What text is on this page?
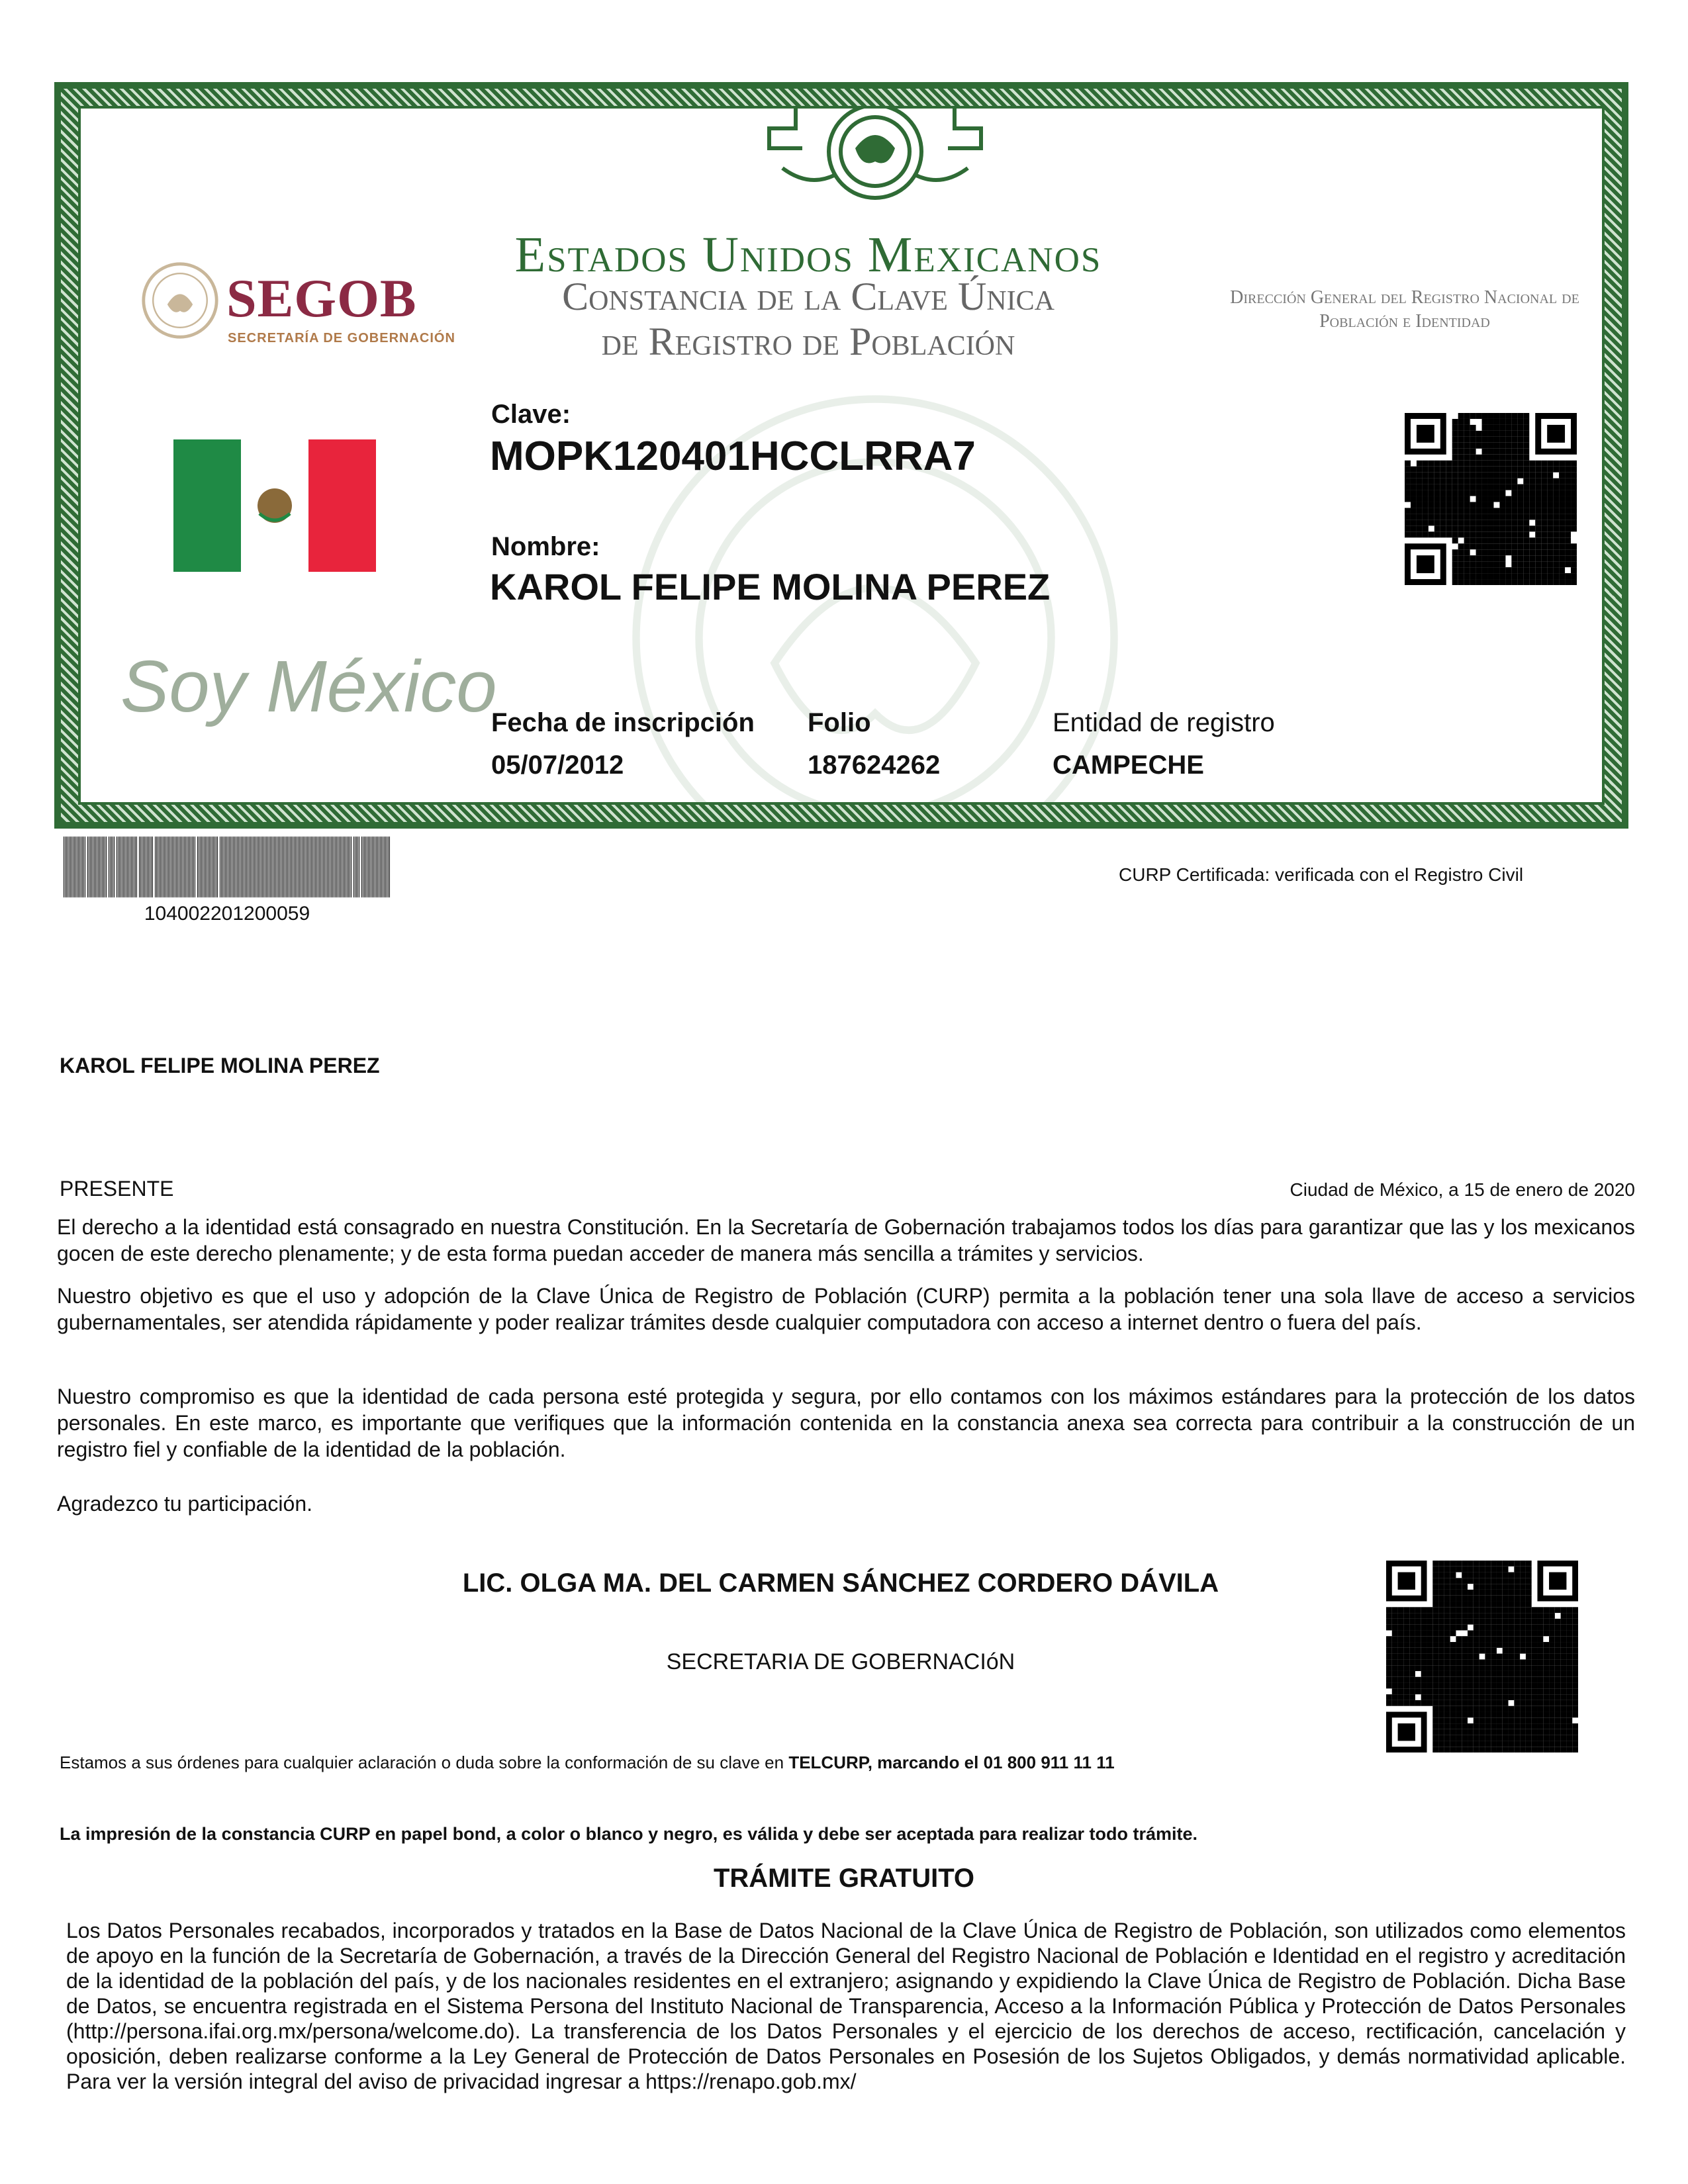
Estados Unidos Mexicanos
Constancia de la Clave Única
de Registro de Población
SEGOB
SECRETARÍA DE GOBERNACIÓN
Dirección General del Registro Nacional de Población e Identidad
Soy México
Clave:
MOPK120401HCCLRRA7
Nombre:
KAROL FELIPE MOLINA PEREZ
Fecha de inscripción
05/07/2012
Folio
187624262
Entidad de registro
CAMPECHE
104002201200059
CURP Certificada: verificada con el Registro Civil
KAROL FELIPE MOLINA PEREZ
PRESENTE	Ciudad de México, a 15 de enero de 2020
El derecho a la identidad está consagrado en nuestra Constitución. En la Secretaría de Gobernación trabajamos todos los días para garantizar que las y los mexicanos gocen de este derecho plenamente; y de esta forma puedan acceder de manera más sencilla a trámites y servicios.
Nuestro objetivo es que el uso y adopción de la Clave Única de Registro de Población (CURP) permita a la población tener una sola llave de acceso a servicios gubernamentales, ser atendida rápidamente y poder realizar trámites desde cualquier computadora con acceso a internet dentro o fuera del país.
Nuestro compromiso es que la identidad de cada persona esté protegida y segura, por ello contamos con los máximos estándares para la protección de los datos personales. En este marco, es importante que verifiques que la información contenida en la constancia anexa sea correcta para contribuir a la construcción de un registro fiel y confiable de la identidad de la población.
Agradezco tu participación.
LIC. OLGA MA. DEL CARMEN SÁNCHEZ CORDERO DÁVILA
SECRETARIA DE GOBERNACIóN
Estamos a sus órdenes para cualquier aclaración o duda sobre la conformación de su clave en TELCURP, marcando el 01 800 911 11 11
La impresión de la constancia CURP en papel bond, a color o blanco y negro, es válida y debe ser aceptada para realizar todo trámite.
TRÁMITE GRATUITO
Los Datos Personales recabados, incorporados y tratados en la Base de Datos Nacional de la Clave Única de Registro de Población, son utilizados como elementos de apoyo en la función de la Secretaría de Gobernación, a través de la Dirección General del Registro Nacional de Población e Identidad en el registro y acreditación de la identidad de la población del país, y de los nacionales residentes en el extranjero; asignando y expidiendo la Clave Única de Registro de Población. Dicha Base de Datos, se encuentra registrada en el Sistema Persona del Instituto Nacional de Transparencia, Acceso a la Información Pública y Protección de Datos Personales (http://persona.ifai.org.mx/persona/welcome.do). La transferencia de los Datos Personales y el ejercicio de los derechos de acceso, rectificación, cancelación y oposición, deben realizarse conforme a la Ley General de Protección de Datos Personales en Posesión de los Sujetos Obligados, y demás normatividad aplicable. Para ver la versión integral del aviso de privacidad ingresar a https://renapo.gob.mx/
